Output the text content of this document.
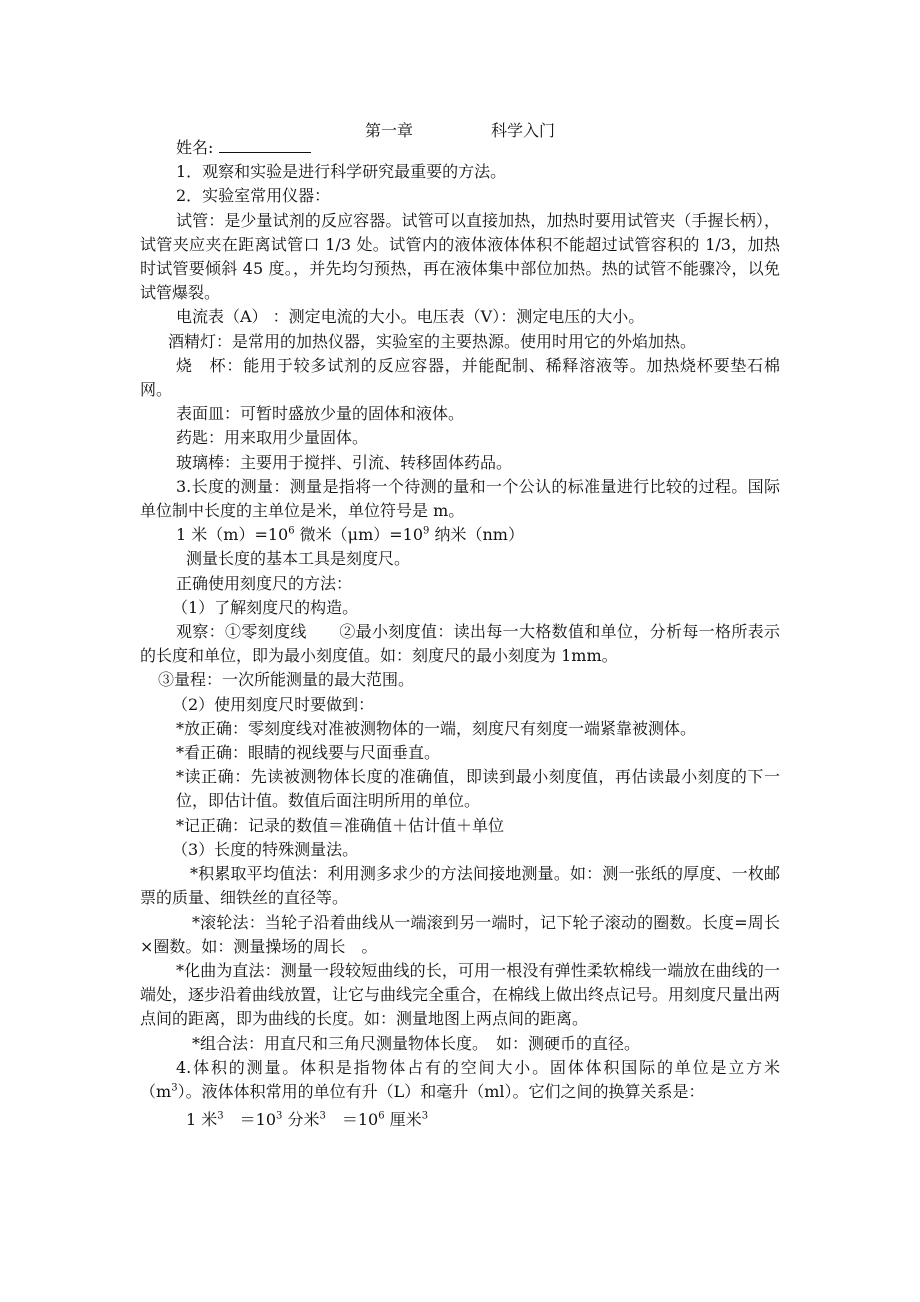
第一章	科学入门

姓名:

1．观察和实验是进行科学研究最重要的方法。

2．实验室常用仪器：

试管：是少量试剂的反应容器。试管可以直接加热，加热时要用试管夹（手握长柄），试管夹应夹在距离试管口 1/3 处。试管内的液体液体体积不能超过试管容积的 1/3，加热时试管要倾斜 45 度。，并先均匀预热，再在液体集中部位加热。热的试管不能骤冷，以免试管爆裂。

电流表（A） ：测定电流的大小。电压表（V）：测定电压的大小。

酒精灯：是常用的加热仪器，实验室的主要热源。使用时用它的外焰加热。

烧　杯：能用于较多试剂的反应容器，并能配制、稀释溶液等。加热烧杯要垫石棉网。

表面皿：可暂时盛放少量的固体和液体。

药匙：用来取用少量固体。

玻璃棒：主要用于搅拌、引流、转移固体药品。

3.长度的测量：测量是指将一个待测的量和一个公认的标准量进行比较的过程。国际单位制中长度的主单位是米，单位符号是 m。

1 米$(m)=10^6$ 微米$(\mu m)=10^9$ 纳米（nm）

测量长度的基本工具是刻度尺。

正确使用刻度尺的方法：

（1）了解刻度尺的构造。

观察：①零刻度线　　②最小刻度值：读出每一大格数值和单位，分析每一格所表示的长度和单位，即为最小刻度值。如：刻度尺的最小刻度为 1mm。

③量程：一次所能测量的最大范围。

（2）使用刻度尺时要做到：

*放正确：零刻度线对准被测物体的一端，刻度尺有刻度一端紧靠被测体。

*看正确：眼睛的视线要与尺面垂直。

*读正确：先读被测物体长度的准确值，即读到最小刻度值，再估读最小刻度的下一位，即估计值。数值后面注明所用的单位。

*记正确：记录的数值＝准确值＋估计值＋单位

（3）长度的特殊测量法。

*积累取平均值法：利用测多求少的方法间接地测量。如：测一张纸的厚度、一枚邮票的质量、细铁丝的直径等。

*滚轮法：当轮子沿着曲线从一端滚到另一端时，记下轮子滚动的圈数。长度=周长×圈数。如：测量操场的周长　。

*化曲为直法：测量一段较短曲线的长，可用一根没有弹性柔软棉线一端放在曲线的一端处，逐步沿着曲线放置，让它与曲线完全重合，在棉线上做出终点记号。用刻度尺量出两点间的距离，即为曲线的长度。如：测量地图上两点间的距离。

*组合法：用直尺和三角尺测量物体长度。　如：测硬币的直径。

4.体积的测量。体积是指物体占有的空间大小。固体体积国际的单位是立方米$(m^3)$。液体体积常用的单位有升（L）和毫升（ml）。它们之间的换算关系是：

1 米$^3$　$=10^3$ 分米$^3$　$=10^6$ 厘米$^3$
